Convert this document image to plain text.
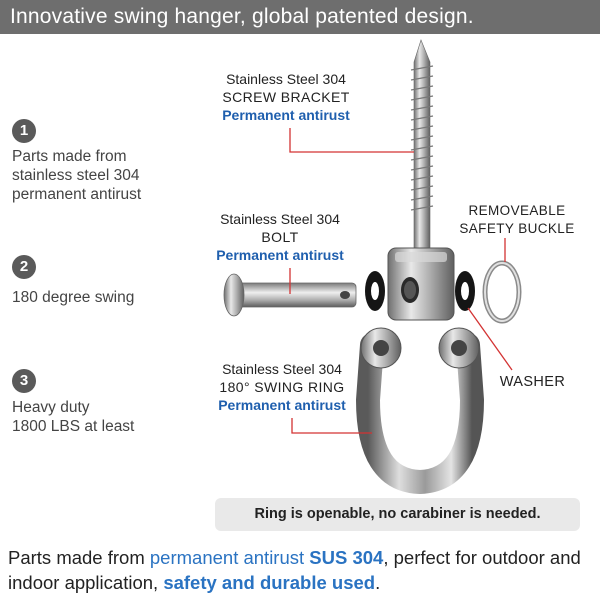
Innovative swing hanger, global patented design.
1
Parts made from
stainless steel 304
permanent antirust
2
180 degree swing
3
Heavy duty
1800 LBS at least
Stainless Steel 304
SCREW BRACKET
Permanent antirust
Stainless Steel 304
BOLT
Permanent antirust
Stainless Steel 304
180° SWING RING
Permanent antirust
REMOVEABLE
SAFETY BUCKLE
WASHER
Ring is openable, no carabiner is needed.
Parts made from permanent antirust SUS 304, perfect for outdoor and indoor application, safety and durable used.
